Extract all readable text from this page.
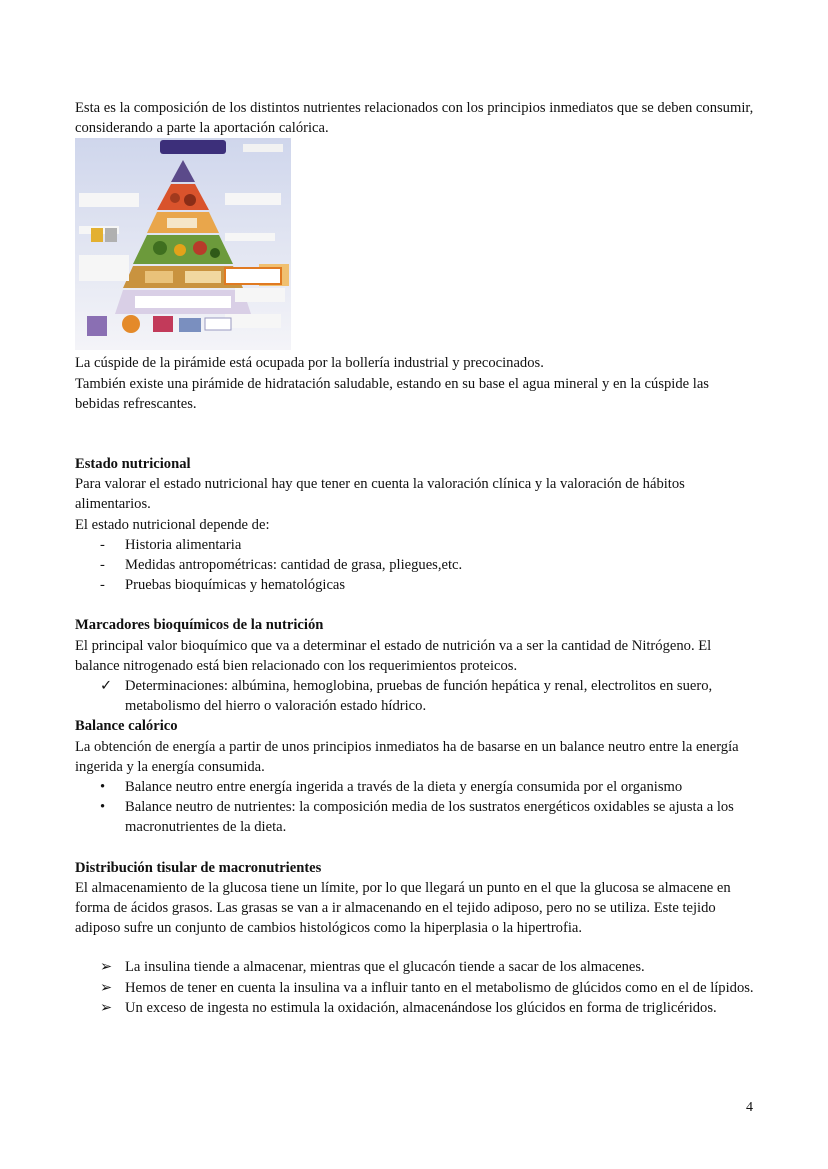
Esta es la composición de los distintos nutrientes relacionados con los principios inmediatos que se deben consumir, considerando a parte la aportación calórica.

La cúspide de la pirámide está ocupada por la bollería industrial y precocinados.

También existe una pirámide de hidratación saludable, estando en su base el agua mineral y en la cúspide las bebidas refrescantes.

Estado nutricional

Para valorar el estado nutricional hay que tener en cuenta la valoración clínica y la valoración de hábitos alimentarios.

El estado nutricional depende de:

-	Historia alimentaria
-	Medidas antropométricas: cantidad de grasa, pliegues,etc.
-	Pruebas bioquímicas y hematológicas

Marcadores bioquímicos de la nutrición

El principal valor bioquímico que va a determinar el estado de nutrición va a ser la cantidad de Nitrógeno. El balance nitrogenado está bien relacionado con los requerimientos proteicos.

✓ Determinaciones: albúmina, hemoglobina, pruebas de función hepática y renal, electrolitos en suero, metabolismo del hierro o valoración estado hídrico.

Balance calórico

La obtención de energía a partir de unos principios inmediatos ha de basarse en un balance neutro entre la energía ingerida y la energía consumida.

•	Balance neutro entre energía ingerida a través de la dieta y energía consumida por el organismo
•	Balance neutro de nutrientes: la composición media de los sustratos energéticos oxidables se ajusta a los macronutrientes de la dieta.

Distribución tisular de macronutrientes

El almacenamiento de la glucosa tiene un límite, por lo que llegará un punto en el que la glucosa se almacene en forma de ácidos grasos. Las grasas se van a ir almacenando en el tejido adiposo, pero no se utiliza. Este tejido adiposo sufre un conjunto de cambios histológicos como la hiperplasia o la hipertrofia.

➢ La insulina tiende a almacenar, mientras que el glucacón tiende a sacar de los almacenes.
➢ Hemos de tener en cuenta la insulina va a influir tanto en el metabolismo de glúcidos como en el de lípidos.
➢ Un exceso de ingesta no estimula la oxidación, almacenándose los glúcidos en forma de triglicéridos.
4
